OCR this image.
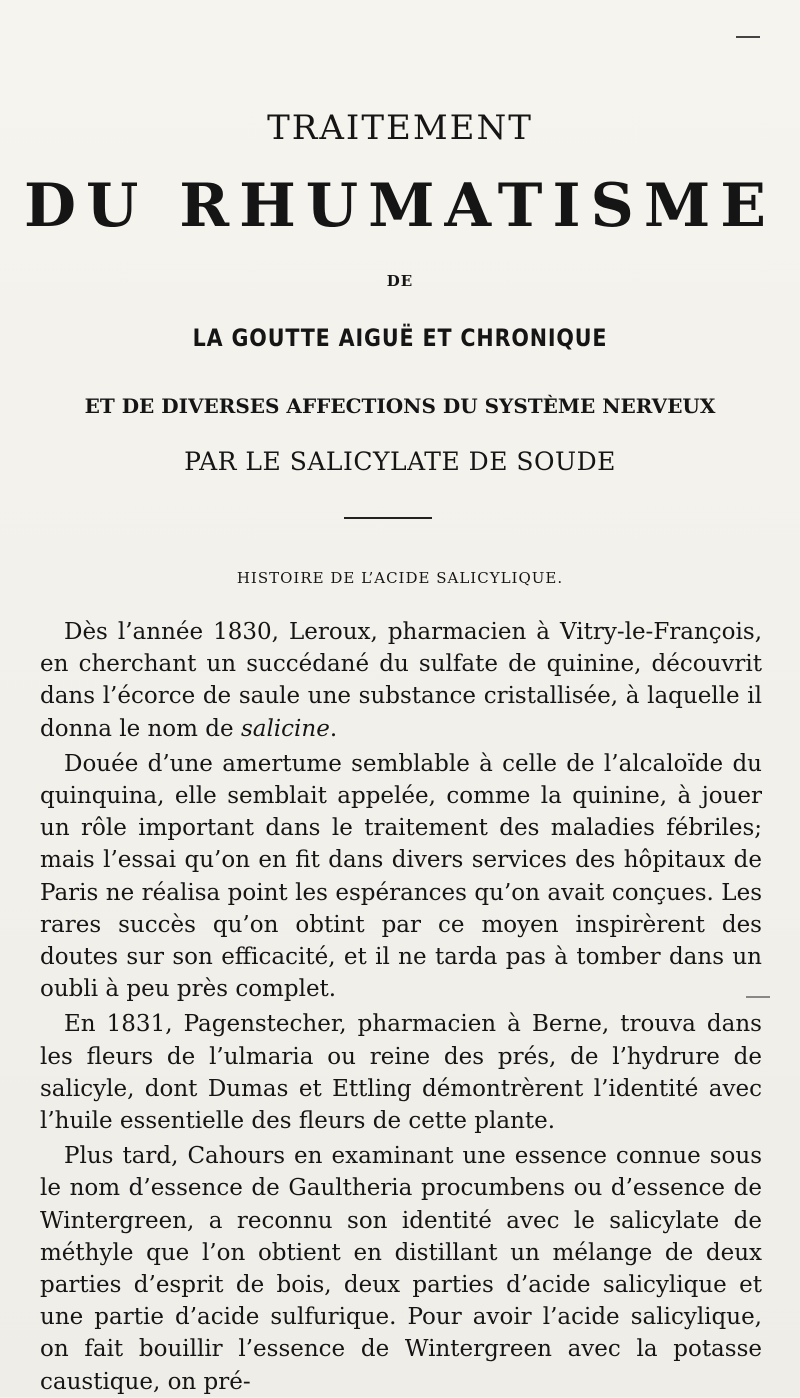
TRAITEMENT
DU RHUMATISME
DE
LA GOUTTE AIGUË ET CHRONIQUE
ET DE DIVERSES AFFECTIONS DU SYSTÈME NERVEUX
PAR LE SALICYLATE DE SOUDE
HISTOIRE DE L’ACIDE SALICYLIQUE.

Dès l’année 1830, Leroux, pharmacien à Vitry-le-François, en cherchant un succédané du sulfate de quinine, découvrit dans l’écorce de saule une substance cristallisée, à laquelle il donna le nom de salicine.

Douée d’une amertume semblable à celle de l’alcaloïde du quinquina, elle semblait appelée, comme la quinine, à jouer un rôle important dans le traitement des maladies fébriles; mais l’essai qu’on en fit dans divers services des hôpitaux de Paris ne réalisa point les espérances qu’on avait conçues. Les rares succès qu’on obtint par ce moyen inspirèrent des doutes sur son efficacité, et il ne tarda pas à tomber dans un oubli à peu près complet.

En 1831, Pagenstecher, pharmacien à Berne, trouva dans les fleurs de l’ulmaria ou reine des prés, de l’hydrure de salicyle, dont Dumas et Ettling démontrèrent l’identité avec l’huile essentielle des fleurs de cette plante.

Plus tard, Cahours en examinant une essence connue sous le nom d’essence de Gaultheria procumbens ou d’essence de Wintergreen, a reconnu son identité avec le salicylate de méthyle que l’on obtient en distillant un mélange de deux parties d’esprit de bois, deux parties d’acide salicylique et une partie d’acide sulfurique. Pour avoir l’acide salicylique, on fait bouillir l’essence de Wintergreen avec la potasse caustique, on pré-
